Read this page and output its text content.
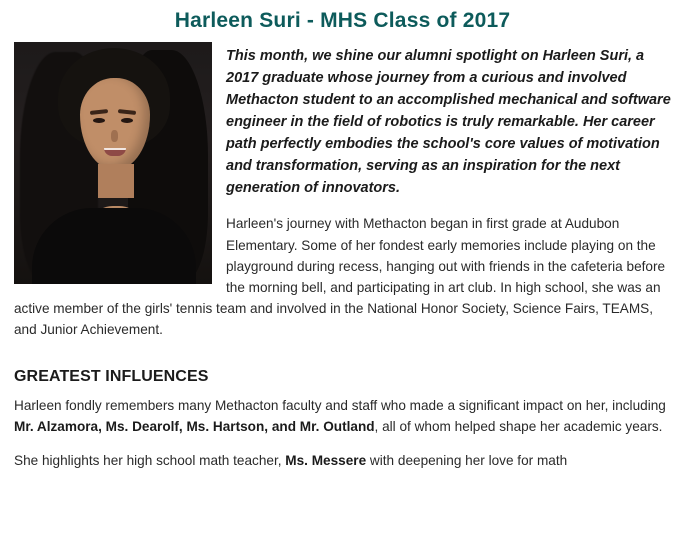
Harleen Suri - MHS Class of 2017

This month, we shine our alumni spotlight on Harleen Suri, a 2017 graduate whose journey from a curious and involved Methacton student to an accomplished mechanical and software engineer in the field of robotics is truly remarkable. Her career path perfectly embodies the school's core values of motivation and transformation, serving as an inspiration for the next generation of innovators.

Harleen's journey with Methacton began in first grade at Audubon Elementary. Some of her fondest early memories include playing on the playground during recess, hanging out with friends in the cafeteria before the morning bell, and participating in art club. In high school, she was an active member of the girls' tennis team and involved in the National Honor Society, Science Fairs, TEAMS, and Junior Achievement.

GREATEST INFLUENCES

Harleen fondly remembers many Methacton faculty and staff who made a significant impact on her, including Mr. Alzamora, Ms. Dearolf, Ms. Hartson, and Mr. Outland, all of whom helped shape her academic years.

She highlights her high school math teacher, Ms. Messere with deepening her love for math
